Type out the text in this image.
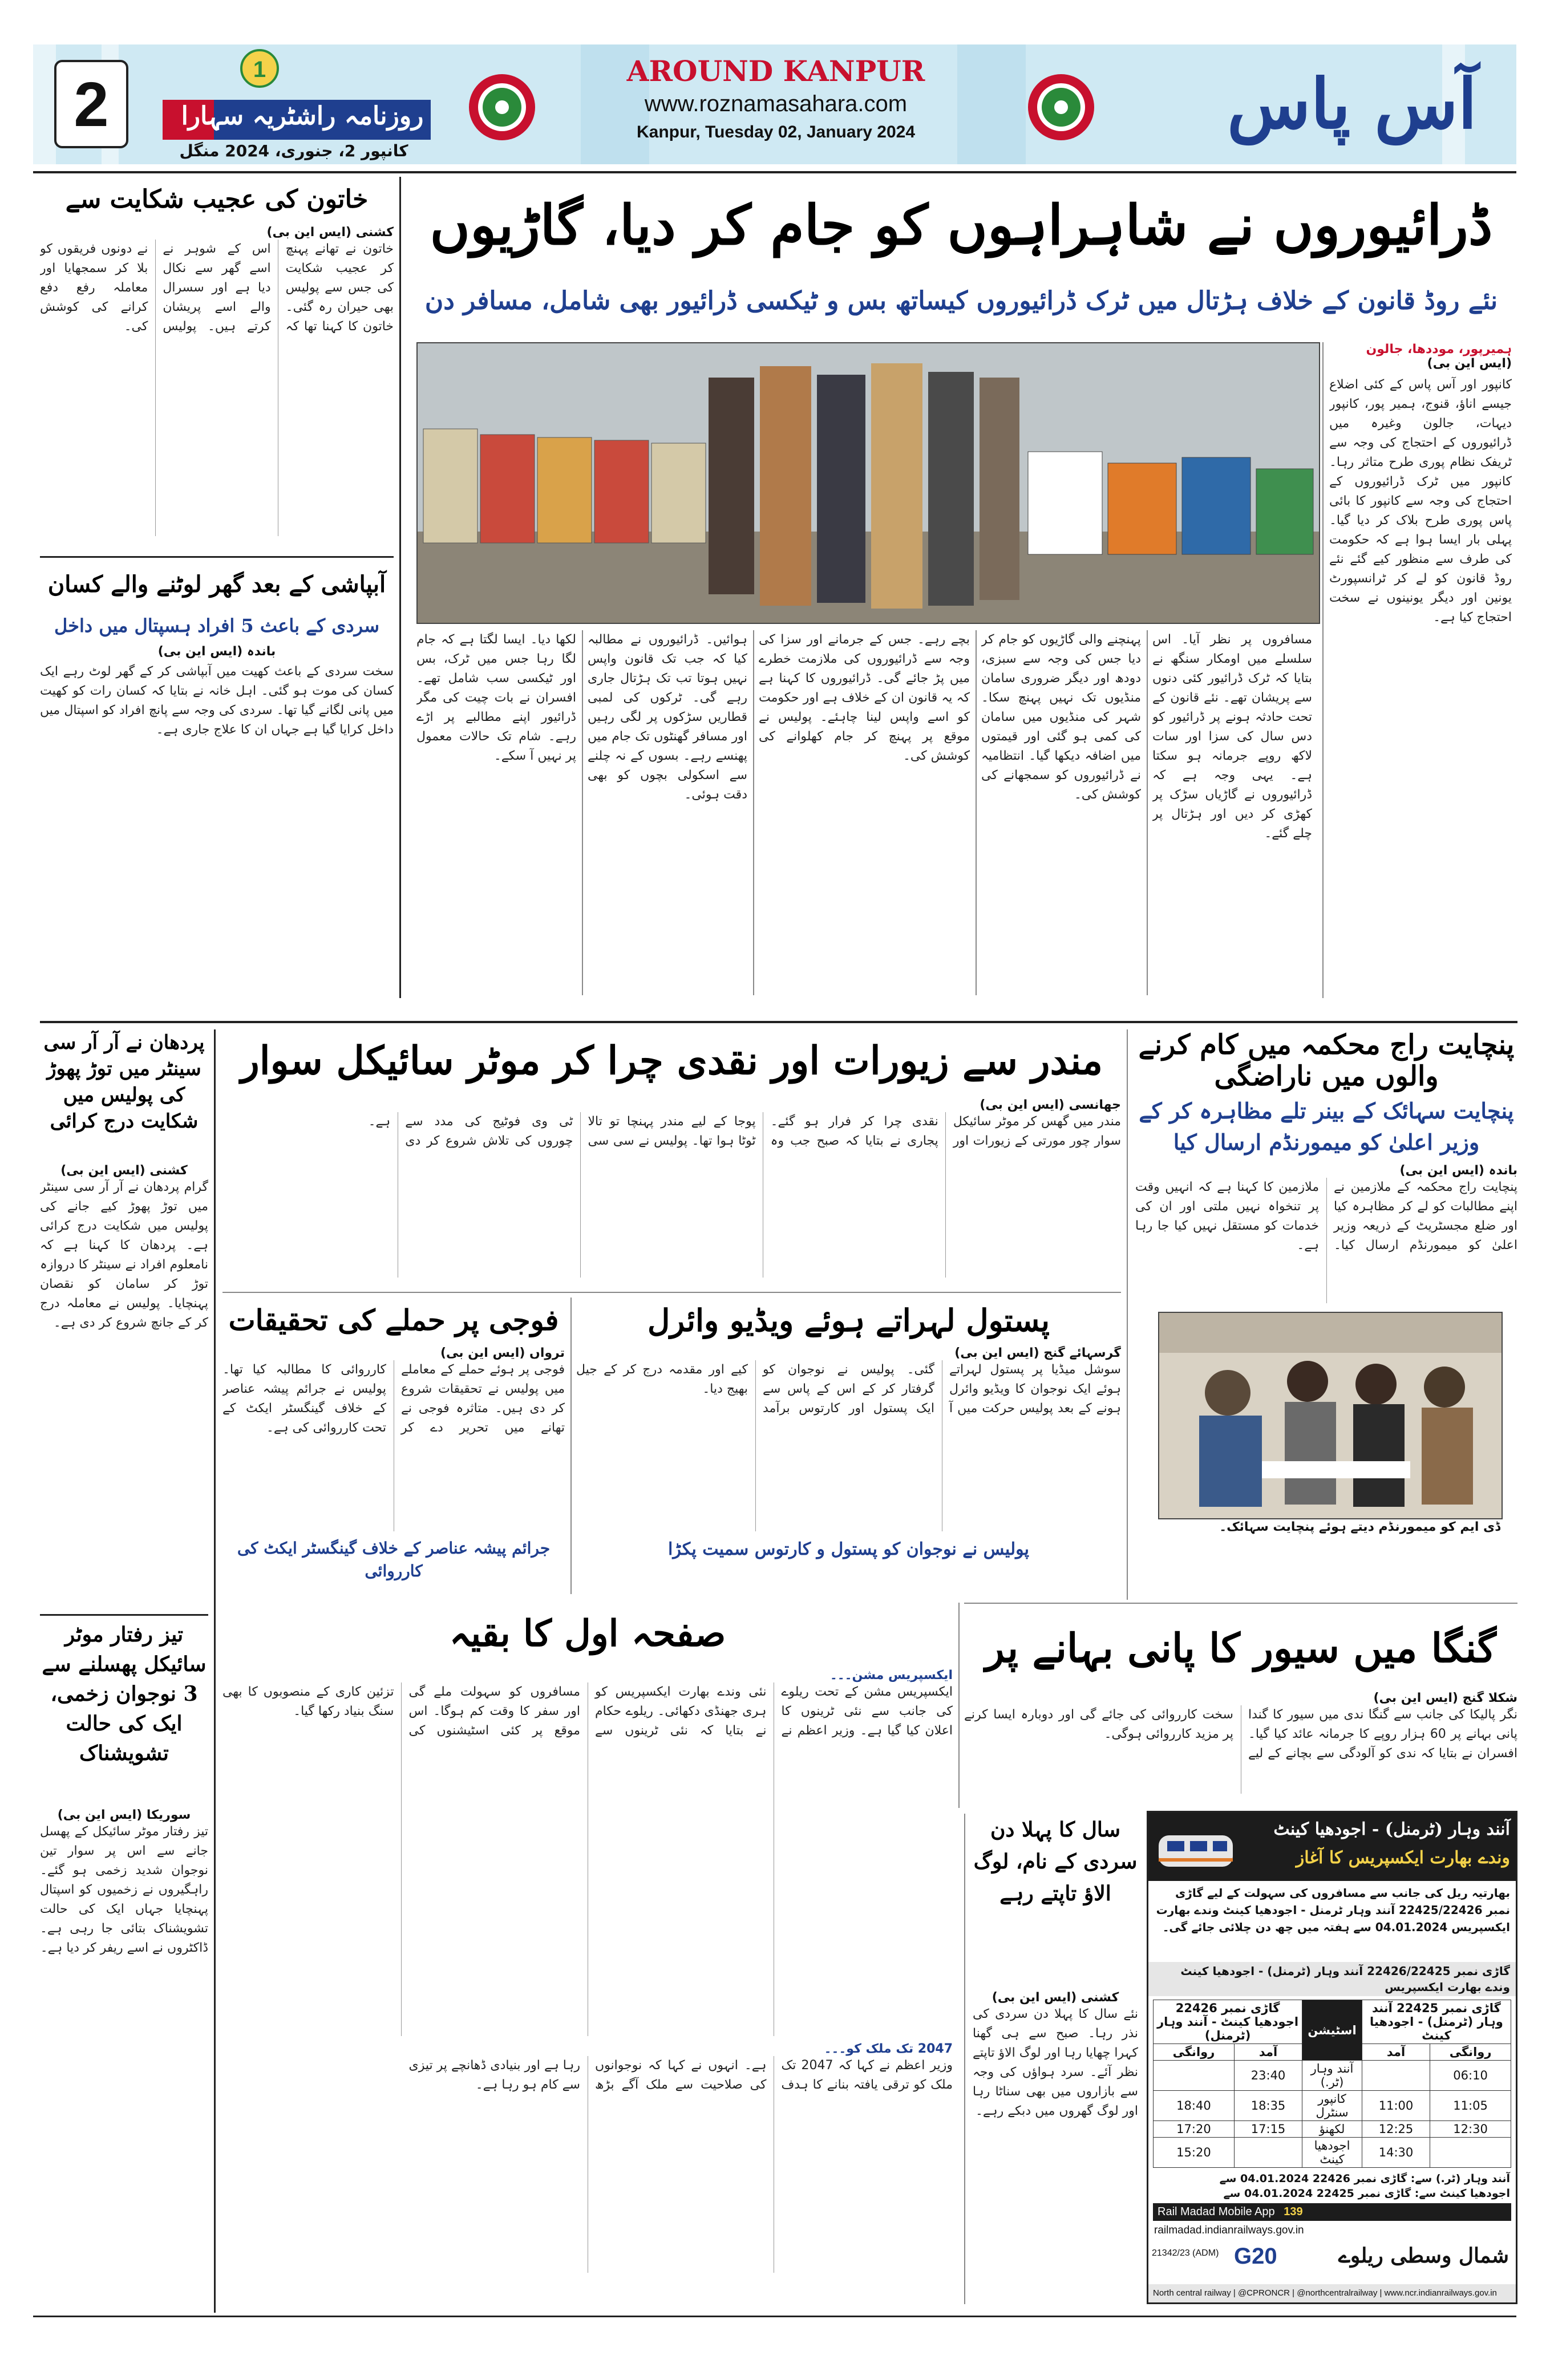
2	1
روزنامہ راشٹریہ سہارا
کانپور 2، جنوری، 2024 منگل
AROUND KANPUR
www.roznamasahara.com
Kanpur, Tuesday 02, January 2024	آس پاس
ڈرائیوروں نے شاہراہوں کو جام کر دیا، گاڑیوں
نئے روڈ قانون کے خلاف ہڑتال میں ٹرک ڈرائیوروں کیساتھ بس و ٹیکسی ڈرائیور بھی شامل، مسافر دن
ہمیرپور، موددھا، جالون
(ایس این بی)
کانپور اور آس پاس کے کئی اضلاع جیسے اناؤ، قنوج، ہمیر پور، کانپور دیہات، جالون وغیرہ میں ڈرائیوروں کے احتجاج کی وجہ سے ٹریفک نظام پوری طرح متاثر رہا۔ کانپور میں ٹرک ڈرائیوروں کے احتجاج کی وجہ سے کانپور کا بائی پاس پوری طرح بلاک کر دیا گیا۔ پہلی بار ایسا ہوا ہے کہ حکومت کی طرف سے منظور کیے گئے نئے روڈ قانون کو لے کر ٹرانسپورٹ یونین اور دیگر یونینوں نے سخت احتجاج کیا ہے۔
مسافروں پر نظر آیا۔ اس سلسلے میں اومکار سنگھ نے بتایا کہ ٹرک ڈرائیور کئی دنوں سے پریشان تھے۔ نئے قانون کے تحت حادثہ ہونے پر ڈرائیور کو دس سال کی سزا اور سات لاکھ روپے جرمانہ ہو سکتا ہے۔ یہی وجہ ہے کہ ڈرائیوروں نے گاڑیاں سڑک پر کھڑی کر دیں اور ہڑتال پر چلے گئے۔
پہنچنے والی گاڑیوں کو جام کر دیا جس کی وجہ سے سبزی، دودھ اور دیگر ضروری سامان منڈیوں تک نہیں پہنچ سکا۔ شہر کی منڈیوں میں سامان کی کمی ہو گئی اور قیمتوں میں اضافہ دیکھا گیا۔ انتظامیہ نے ڈرائیوروں کو سمجھانے کی کوشش کی۔
بچے رہے۔ جس کے جرمانے اور سزا کی وجہ سے ڈرائیوروں کی ملازمت خطرے میں پڑ جائے گی۔ ڈرائیوروں کا کہنا ہے کہ یہ قانون ان کے خلاف ہے اور حکومت کو اسے واپس لینا چاہئے۔ پولیس نے موقع پر پہنچ کر جام کھلوانے کی کوشش کی۔
ہوائیں۔ ڈرائیوروں نے مطالبہ کیا کہ جب تک قانون واپس نہیں ہوتا تب تک ہڑتال جاری رہے گی۔ ٹرکوں کی لمبی قطاریں سڑکوں پر لگی رہیں اور مسافر گھنٹوں تک جام میں پھنسے رہے۔ بسوں کے نہ چلنے سے اسکولی بچوں کو بھی دقت ہوئی۔
لکھا دیا۔ ایسا لگتا ہے کہ جام لگا رہا جس میں ٹرک، بس اور ٹیکسی سب شامل تھے۔ افسران نے بات چیت کی مگر ڈرائیور اپنے مطالبے پر اڑے رہے۔ شام تک حالات معمول پر نہیں آ سکے۔
خاتون کی عجیب شکایت سے
کشنی (ایس این بی)
خاتون نے تھانے پہنچ کر عجیب شکایت کی جس سے پولیس بھی حیران رہ گئی۔ خاتون کا کہنا تھا کہ اس کے شوہر نے اسے گھر سے نکال دیا ہے اور سسرال والے اسے پریشان کرتے ہیں۔ پولیس نے دونوں فریقوں کو بلا کر سمجھایا اور معاملہ رفع دفع کرانے کی کوشش کی۔
آبپاشی کے بعد گھر لوٹنے والے کسان
سردی کے باعث 5 افراد ہسپتال میں داخل
باندہ (ایس این بی)
سخت سردی کے باعث کھیت میں آبپاشی کر کے گھر لوٹ رہے ایک کسان کی موت ہو گئی۔ اہل خانہ نے بتایا کہ کسان رات کو کھیت میں پانی لگانے گیا تھا۔ سردی کی وجہ سے پانچ افراد کو اسپتال میں داخل کرایا گیا ہے جہاں ان کا علاج جاری ہے۔
پنچایت راج محکمہ میں کام کرنے والوں میں ناراضگی
پنچایت سہائک کے بینر تلے مظاہرہ کر کے وزیر اعلیٰ کو میمورنڈم ارسال کیا
باندہ (ایس این بی)
پنچایت راج محکمہ کے ملازمین نے اپنے مطالبات کو لے کر مظاہرہ کیا اور ضلع مجسٹریٹ کے ذریعہ وزیر اعلیٰ کو میمورنڈم ارسال کیا۔ ملازمین کا کہنا ہے کہ انہیں وقت پر تنخواہ نہیں ملتی اور ان کی خدمات کو مستقل نہیں کیا جا رہا ہے۔
ڈی ایم کو میمورنڈم دیتے ہوئے پنچایت سہائک۔
مندر سے زیورات اور نقدی چرا کر موٹر سائیکل سوار
جھانسی (ایس این بی)
مندر میں گھس کر موٹر سائیکل سوار چور مورتی کے زیورات اور نقدی چرا کر فرار ہو گئے۔ پجاری نے بتایا کہ صبح جب وہ پوجا کے لیے مندر پہنچا تو تالا ٹوٹا ہوا تھا۔ پولیس نے سی سی ٹی وی فوٹیج کی مدد سے چوروں کی تلاش شروع کر دی ہے۔
پستول لہراتے ہوئے ویڈیو وائرل
گرسہائے گنج (ایس این بی)
سوشل میڈیا پر پستول لہراتے ہوئے ایک نوجوان کا ویڈیو وائرل ہونے کے بعد پولیس حرکت میں آ گئی۔ پولیس نے نوجوان کو گرفتار کر کے اس کے پاس سے ایک پستول اور کارتوس برآمد کیے اور مقدمہ درج کر کے جیل بھیج دیا۔
پولیس نے نوجوان کو پستول و کارتوس سمیت پکڑا
فوجی پر حملے کی تحقیقات
ترواں (ایس این بی)
فوجی پر ہوئے حملے کے معاملے میں پولیس نے تحقیقات شروع کر دی ہیں۔ متاثرہ فوجی نے تھانے میں تحریر دے کر کارروائی کا مطالبہ کیا تھا۔ پولیس نے جرائم پیشہ عناصر کے خلاف گینگسٹر ایکٹ کے تحت کارروائی کی ہے۔
جرائم پیشہ عناصر کے خلاف گینگسٹر ایکٹ کی کارروائی
پردھان نے آر آر سی سینٹر میں توڑ پھوڑ کی پولیس میں شکایت درج کرائی
کشنی (ایس این بی)
گرام پردھان نے آر آر سی سینٹر میں توڑ پھوڑ کیے جانے کی پولیس میں شکایت درج کرائی ہے۔ پردھان کا کہنا ہے کہ نامعلوم افراد نے سینٹر کا دروازہ توڑ کر سامان کو نقصان پہنچایا۔ پولیس نے معاملہ درج کر کے جانچ شروع کر دی ہے۔
تیز رفتار موٹر سائیکل پھسلنے سے 3 نوجوان زخمی، ایک کی حالت تشویشناک
سوریکا (ایس این بی)
تیز رفتار موٹر سائیکل کے پھسل جانے سے اس پر سوار تین نوجوان شدید زخمی ہو گئے۔ راہگیروں نے زخمیوں کو اسپتال پہنچایا جہاں ایک کی حالت تشویشناک بتائی جا رہی ہے۔ ڈاکٹروں نے اسے ریفر کر دیا ہے۔
گنگا میں سیور کا پانی بہانے پر
شکلا گنج (ایس این بی)
نگر پالیکا کی جانب سے گنگا ندی میں سیور کا گندا پانی بہانے پر 60 ہزار روپے کا جرمانہ عائد کیا گیا۔ افسران نے بتایا کہ ندی کو آلودگی سے بچانے کے لیے سخت کارروائی کی جائے گی اور دوبارہ ایسا کرنے پر مزید کارروائی ہوگی۔
صفحہ اول کا بقیہ
ایکسپریس مشن۔۔۔
ایکسپریس مشن کے تحت ریلوے کی جانب سے نئی ٹرینوں کا اعلان کیا گیا ہے۔ وزیر اعظم نے نئی وندے بھارت ایکسپریس کو ہری جھنڈی دکھائی۔ ریلوے حکام نے بتایا کہ نئی ٹرینوں سے مسافروں کو سہولت ملے گی اور سفر کا وقت کم ہوگا۔ اس موقع پر کئی اسٹیشنوں کی تزئین کاری کے منصوبوں کا بھی سنگ بنیاد رکھا گیا۔
2047 تک ملک کو۔۔۔
وزیر اعظم نے کہا کہ 2047 تک ملک کو ترقی یافتہ بنانے کا ہدف ہے۔ انہوں نے کہا کہ نوجوانوں کی صلاحیت سے ملک آگے بڑھ رہا ہے اور بنیادی ڈھانچے پر تیزی سے کام ہو رہا ہے۔
سال کا پہلا دن سردی کے نام، لوگ الاؤ تاپتے رہے
کشنی (ایس این بی)
نئے سال کا پہلا دن سردی کی نذر رہا۔ صبح سے ہی گھنا کہرا چھایا رہا اور لوگ الاؤ تاپتے نظر آئے۔ سرد ہواؤں کی وجہ سے بازاروں میں بھی سناٹا رہا اور لوگ گھروں میں دبکے رہے۔
آنند وہار (ٹرمنل) - اجودھیا کینٹ
وندے بھارت ایکسپریس کا آغاز
بھارتیہ ریل کی جانب سے مسافروں کی سہولت کے لیے گاڑی نمبر 22425/22426 آنند وہار ٹرمنل - اجودھیا کینٹ وندے بھارت ایکسپریس 04.01.2024 سے ہفتہ میں چھ دن چلائی جائے گی۔
گاڑی نمبر 22426/22425 آنند وہار (ٹرمنل) - اجودھیا کینٹ وندے بھارت ایکسپریس
گاڑی نمبر 22425 آنند وہار (ٹرمنل) - اجودھیا کینٹ		اسٹیشن	گاڑی نمبر 22426 اجودھیا کینٹ - آنند وہار (ٹرمنل)	
روانگی	آمد		آمد	روانگی
06:10		آنند وہار (ٹر.)	23:40	
11:05	11:00	کانپور سنٹرل	18:35	18:40
12:30	12:25	لکھنؤ	17:15	17:20
	14:30	اجودھیا کینٹ		15:20
آنند وہار (ٹر.) سے: گاڑی نمبر 22426 04.01.2024 سے
اجودھیا کینٹ سے: گاڑی نمبر 22425 04.01.2024 سے
Rail Madad Mobile App 139
railmadad.indianrailways.gov.in
G20	شمال وسطی ریلوے
21342/23 (ADM)
North central railway | @CPRONCR | @northcentralrailway | www.ncr.indianrailways.gov.in
